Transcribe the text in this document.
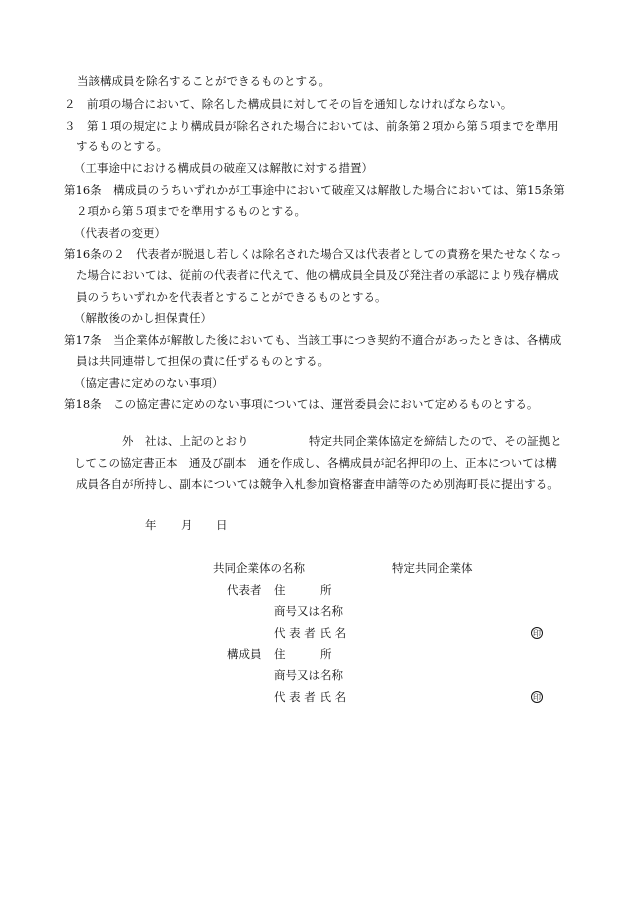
当該構成員を除名することができるものとする。
２　前項の場合において、除名した構成員に対してその旨を通知しなければならない。
３　第１項の規定により構成員が除名された場合においては、前条第２項から第５項までを準用
するものとする。
（工事途中における構成員の破産又は解散に対する措置）
第16条　構成員のうちいずれかが工事途中において破産又は解散した場合においては、第15条第
２項から第５項までを準用するものとする。
（代表者の変更）
第16条の２　代表者が脱退し若しくは除名された場合又は代表者としての責務を果たせなくなっ
た場合においては、従前の代表者に代えて、他の構成員全員及び発注者の承認により残存構成
員のうちいずれかを代表者とすることができるものとする。
（解散後のかし担保責任）
第17条　当企業体が解散した後においても、当該工事につき契約不適合があったときは、各構成
員は共同連帯して担保の責に任ずるものとする。
（協定書に定めのない事項）
第18条　この協定書に定めのない事項については、運営委員会において定めるものとする。
外　社は、上記のとおり	特定共同企業体協定を締結したので、その証拠と
してこの協定書正本　通及び副本　通を作成し、各構成員が記名押印の上、正本については構
成員各自が所持し、副本については競争入札参加資格審査申請等のため別海町長に提出する。
年 月 日
共同企業体の名称	特定共同企業体
代表者 住　　　所
商号又は名称
代 表 者 氏 名	印
構成員 住　　　所
商号又は名称
代 表 者 氏 名	印
